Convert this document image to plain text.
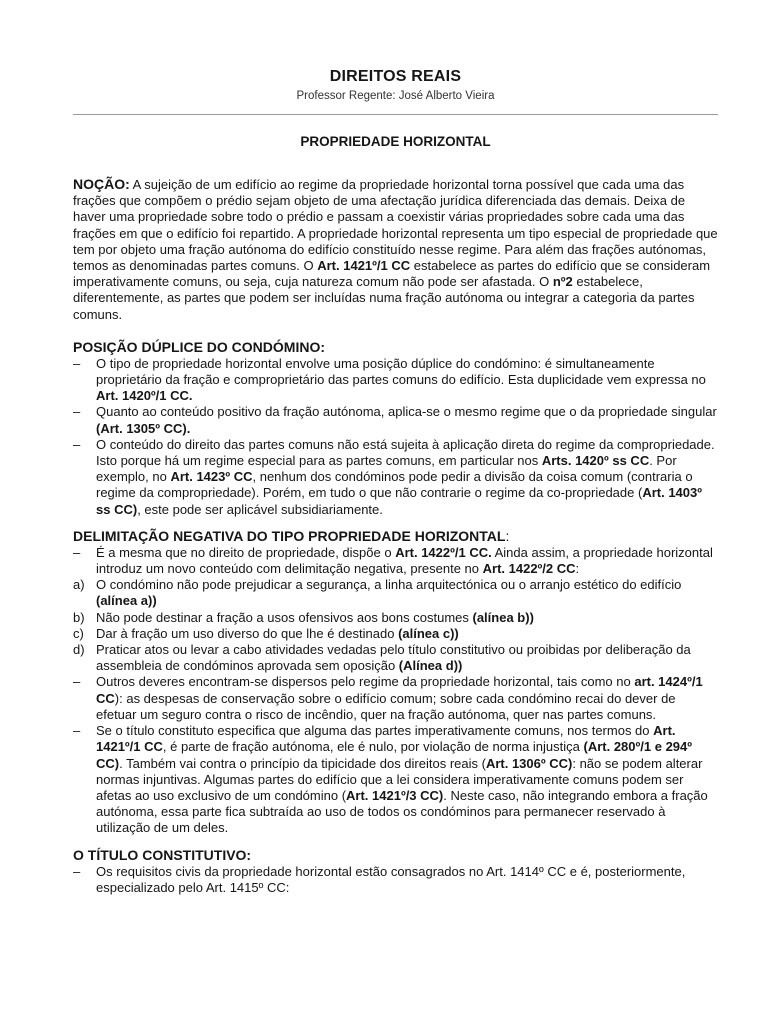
DIREITOS REAIS
Professor Regente: José Alberto Vieira
PROPRIEDADE HORIZONTAL

NOÇÃO: A sujeição de um edifício ao regime da propriedade horizontal torna possível que cada uma das frações que compõem o prédio sejam objeto de uma afectação jurídica diferenciada das demais. Deixa de haver uma propriedade sobre todo o prédio e passam a coexistir várias propriedades sobre cada uma das frações em que o edifício foi repartido. A propriedade horizontal representa um tipo especial de propriedade que tem por objeto uma fração autónoma do edifício constituído nesse regime. Para além das frações autónomas, temos as denominadas partes comuns. O Art. 1421º/1 CC estabelece as partes do edifício que se consideram imperativamente comuns, ou seja, cuja natureza comum não pode ser afastada. O nº2 estabelece, diferentemente, as partes que podem ser incluídas numa fração autónoma ou integrar a categoria da partes comuns.

POSIÇÃO DÚPLICE DO CONDÓMINO:
– O tipo de propriedade horizontal envolve uma posição dúplice do condómino: é simultaneamente proprietário da fração e comproprietário das partes comuns do edifício. Esta duplicidade vem expressa no Art. 1420º/1 CC.
– Quanto ao conteúdo positivo da fração autónoma, aplica-se o mesmo regime que o da propriedade singular (Art. 1305º CC).
– O conteúdo do direito das partes comuns não está sujeita à aplicação direta do regime da compropriedade. Isto porque há um regime especial para as partes comuns, em particular nos Arts. 1420º ss CC. Por exemplo, no Art. 1423º CC, nenhum dos condóminos pode pedir a divisão da coisa comum (contraria o regime da compropriedade). Porém, em tudo o que não contrarie o regime da co-propriedade (Art. 1403º ss CC), este pode ser aplicável subsidiariamente.
DELIMITAÇÃO NEGATIVA DO TIPO PROPRIEDADE HORIZONTAL:
– É a mesma que no direito de propriedade, dispõe o Art. 1422º/1 CC. Ainda assim, a propriedade horizontal introduz um novo conteúdo com delimitação negativa, presente no Art. 1422º/2 CC:
a) O condómino não pode prejudicar a segurança, a linha arquitectónica ou o arranjo estético do edifício (alínea a))
b) Não pode destinar a fração a usos ofensivos aos bons costumes (alínea b))
c) Dar à fração um uso diverso do que lhe é destinado (alínea c))
d) Praticar atos ou levar a cabo atividades vedadas pelo título constitutivo ou proibidas por deliberação da assembleia de condóminos aprovada sem oposição (Alínea d))
– Outros deveres encontram-se dispersos pelo regime da propriedade horizontal, tais como no art. 1424º/1 CC): as despesas de conservação sobre o edifício comum; sobre cada condómino recai do dever de efetuar um seguro contra o risco de incêndio, quer na fração autónoma, quer nas partes comuns.
– Se o título constituto especifica que alguma das partes imperativamente comuns, nos termos do Art. 1421º/1 CC, é parte de fração autónoma, ele é nulo, por violação de norma injustiça (Art. 280º/1 e 294º CC). Também vai contra o princípio da tipicidade dos direitos reais (Art. 1306º CC): não se podem alterar normas injuntivas. Algumas partes do edifício que a lei considera imperativamente comuns podem ser afetas ao uso exclusivo de um condómino (Art. 1421º/3 CC). Neste caso, não integrando embora a fração autónoma, essa parte fica subtraída ao uso de todos os condóminos para permanecer reservado à utilização de um deles.
O TÍTULO CONSTITUTIVO:
– Os requisitos civis da propriedade horizontal estão consagrados no Art. 1414º CC e é, posteriormente, especializado pelo Art. 1415º CC:
